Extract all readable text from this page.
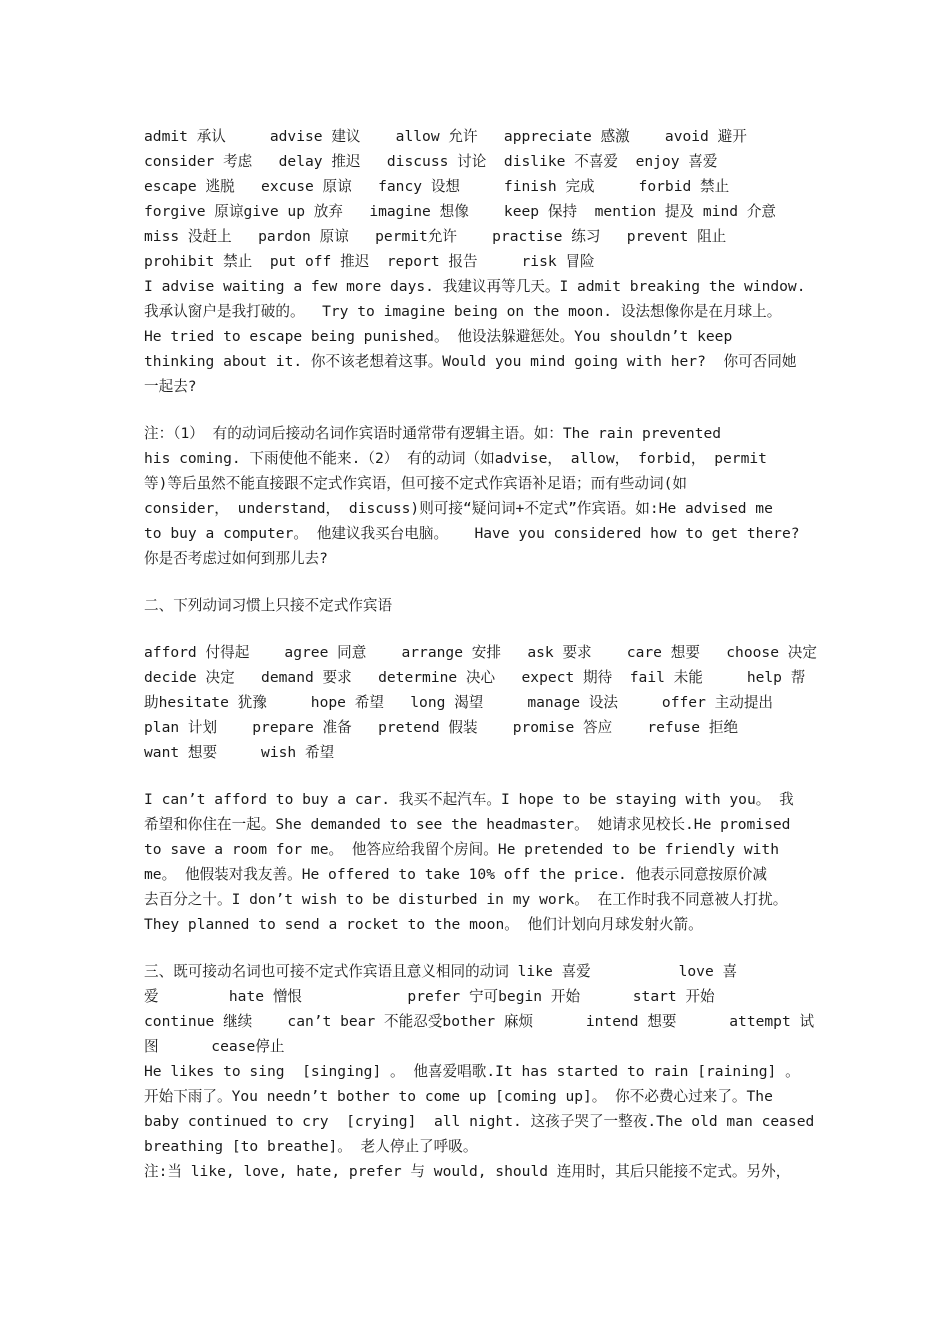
admit 承认     advise 建议    allow 允许   appreciate 感激    avoid 避开
consider 考虑   delay 推迟   discuss 讨论  dislike 不喜爱  enjoy 喜爱
escape 逃脱   excuse 原谅   fancy 设想     finish 完成     forbid 禁止
forgive 原谅give up 放弃   imagine 想像    keep 保持  mention 提及 mind 介意
miss 没赶上   pardon 原谅   permit允许    practise 练习   prevent 阻止
prohibit 禁止  put off 推迟  report 报告     risk 冒险
I advise waiting a few more days. 我建议再等几天。I admit breaking the window.
我承认窗户是我打破的。  Try to imagine being on the moon. 设法想像你是在月球上。
He tried to escape being punished。 他设法躲避惩处。You shouldn’t keep
thinking about it. 你不该老想着这事。Would you mind going with her?  你可否同她
一起去?
注：（1） 有的动词后接动名词作宾语时通常带有逻辑主语。如：The rain prevented
his coming. 下雨使他不能来.（2） 有的动词（如advise， allow， forbid， permit
等)等后虽然不能直接跟不定式作宾语，但可接不定式作宾语补足语；而有些动词(如
consider， understand， discuss)则可接“疑问词+不定式”作宾语。如:He advised me
to buy a computer。 他建议我买台电脑。   Have you considered how to get there?
你是否考虑过如何到那儿去?
二、下列动词习惯上只接不定式作宾语
afford 付得起    agree 同意    arrange 安排   ask 要求    care 想要   choose 决定
decide 决定   demand 要求   determine 决心   expect 期待  fail 未能     help 帮
助hesitate 犹豫     hope 希望   long 渴望     manage 设法     offer 主动提出
plan 计划    prepare 准备   pretend 假装    promise 答应    refuse 拒绝
want 想要     wish 希望
I can’t afford to buy a car. 我买不起汽车。I hope to be staying with you。 我
希望和你住在一起。She demanded to see the headmaster。 她请求见校长.He promised
to save a room for me。 他答应给我留个房间。He pretended to be friendly with
me。 他假装对我友善。He offered to take 10% off the price. 他表示同意按原价减
去百分之十。I don’t wish to be disturbed in my work。 在工作时我不同意被人打扰。
They planned to send a rocket to the moon。 他们计划向月球发射火箭。
三、既可接动名词也可接不定式作宾语且意义相同的动词 like 喜爱          love 喜
爱        hate 憎恨            prefer 宁可begin 开始      start 开始
continue 继续    can’t bear 不能忍受bother 麻烦      intend 想要      attempt 试
图      cease停止
He likes to sing  [singing] 。 他喜爱唱歌.It has started to rain [raining] 。
开始下雨了。You needn’t bother to come up [coming up]。 你不必费心过来了。The
baby continued to cry  [crying]  all night. 这孩子哭了一整夜.The old man ceased
breathing [to breathe]。 老人停止了呼吸。
注:当 like, love, hate, prefer 与 would, should 连用时，其后只能接不定式。另外，
